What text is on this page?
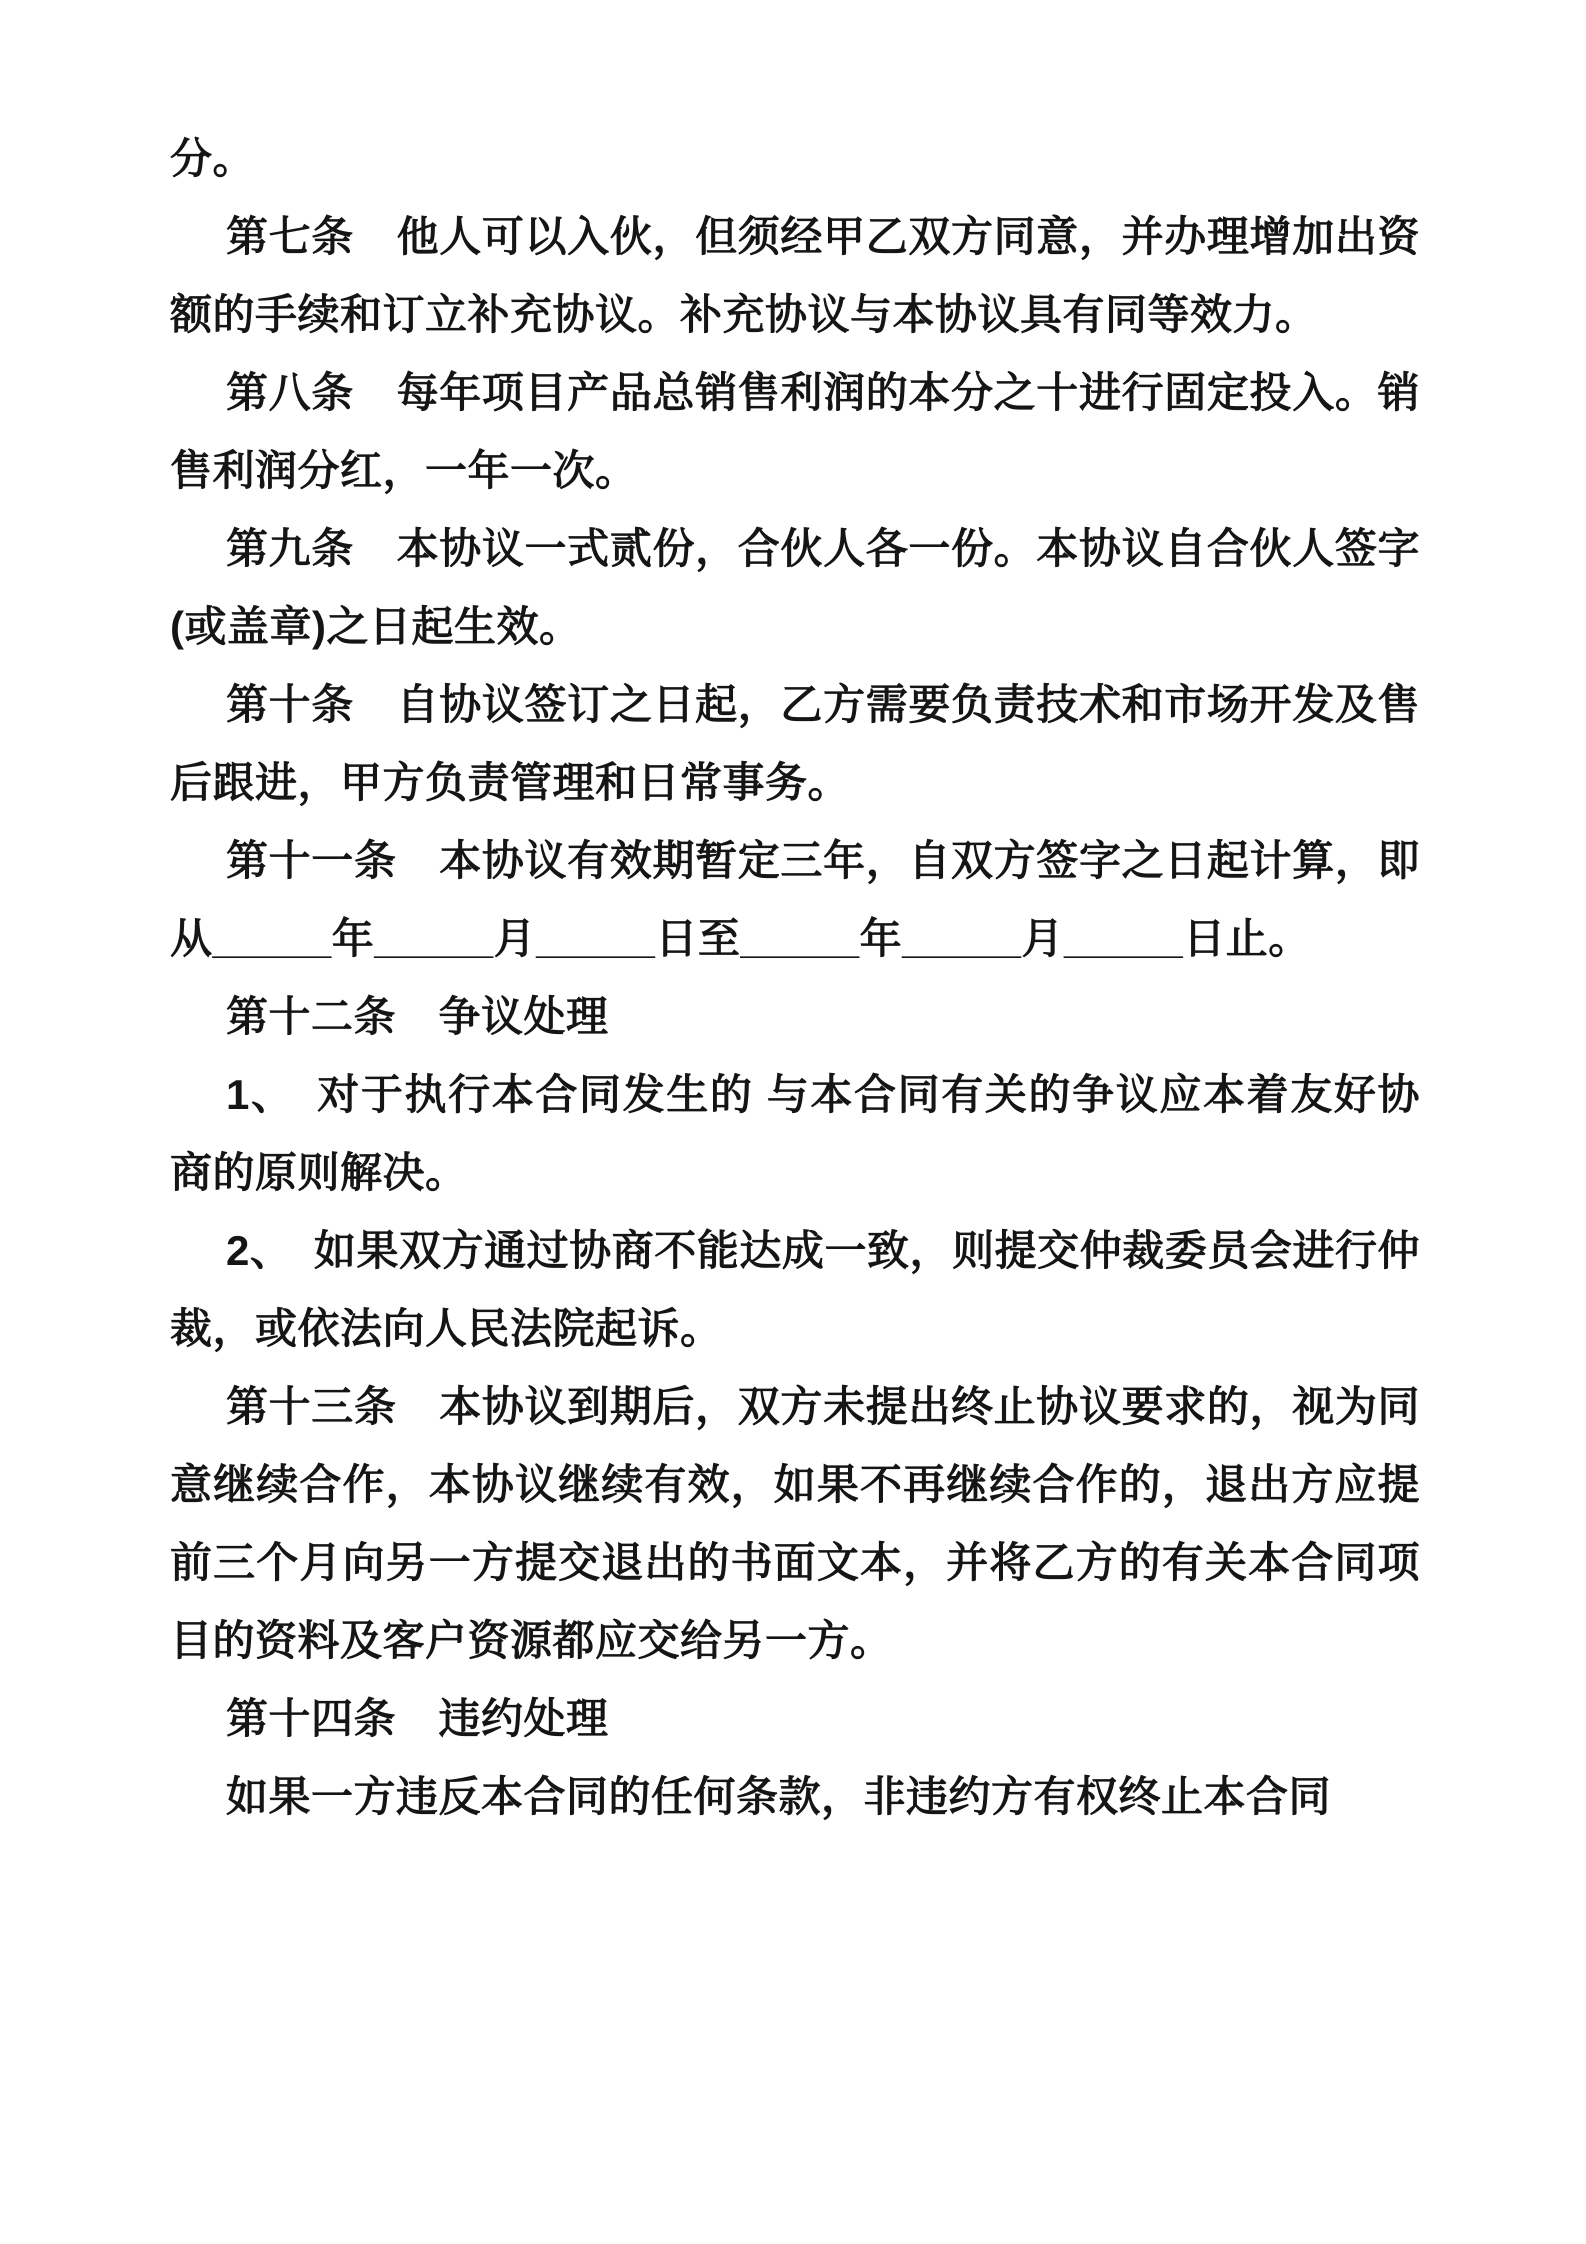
分。

第七条　他人可以入伙，但须经甲乙双方同意，并办理增加出资额的手续和订立补充协议。补充协议与本协议具有同等效力。

第八条　每年项目产品总销售利润的本分之十进行固定投入。销售利润分红，一年一次。

第九条　本协议一式贰份，合伙人各一份。本协议自合伙人签字(或盖章)之日起生效。

第十条　自协议签订之日起，乙方需要负责技术和市场开发及售后跟进，甲方负责管理和日常事务。

第十一条　本协议有效期暂定三年，自双方签字之日起计算，即从_____年_____月_____日至_____年_____月_____日止。

第十二条　争议处理

1、　对于执行本合同发生的 与本合同有关的争议应本着友好协商的原则解决。

2、　如果双方通过协商不能达成一致，则提交仲裁委员会进行仲裁，或依法向人民法院起诉。

第十三条　本协议到期后，双方未提出终止协议要求的，视为同意继续合作，本协议继续有效，如果不再继续合作的，退出方应提前三个月向另一方提交退出的书面文本，并将乙方的有关本合同项目的资料及客户资源都应交给另一方。

第十四条　违约处理

如果一方违反本合同的任何条款，非违约方有权终止本合同
